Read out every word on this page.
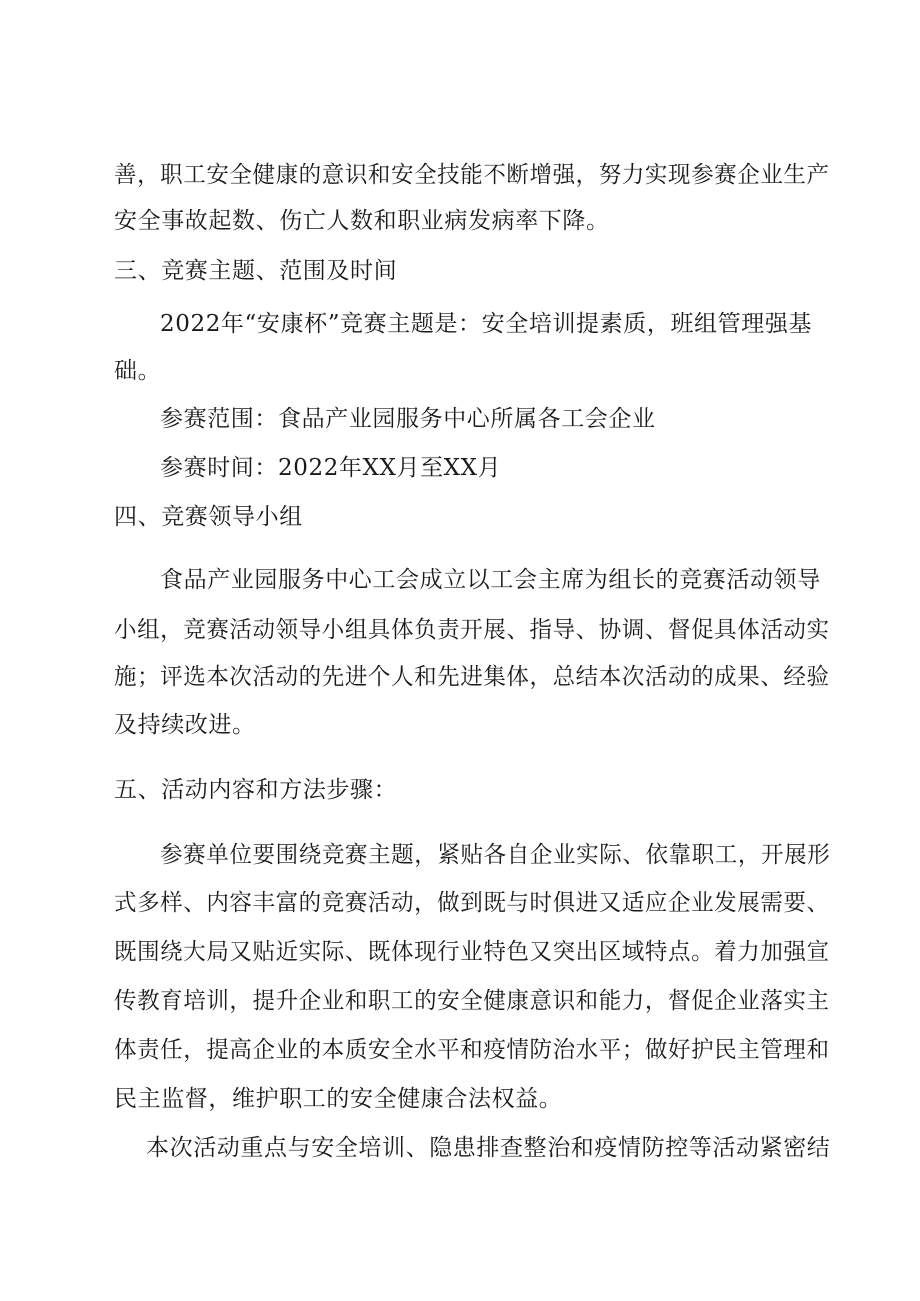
善，职工安全健康的意识和安全技能不断增强，努力实现参赛企业生产
安全事故起数、伤亡人数和职业病发病率下降。
三、竞赛主题、范围及时间
2022年“安康杯”竞赛主题是：安全培训提素质，班组管理强基
础。
参赛范围：食品产业园服务中心所属各工会企业
参赛时间：2022年XX月至XX月
四、竞赛领导小组
食品产业园服务中心工会成立以工会主席为组长的竞赛活动领导
小组，竞赛活动领导小组具体负责开展、指导、协调、督促具体活动实
施；评选本次活动的先进个人和先进集体，总结本次活动的成果、经验
及持续改进。
五、活动内容和方法步骤：
参赛单位要围绕竞赛主题，紧贴各自企业实际、依靠职工，开展形
式多样、内容丰富的竞赛活动，做到既与时俱进又适应企业发展需要、
既围绕大局又贴近实际、既体现行业特色又突出区域特点。着力加强宣
传教育培训，提升企业和职工的安全健康意识和能力，督促企业落实主
体责任，提高企业的本质安全水平和疫情防治水平；做好护民主管理和
民主监督，维护职工的安全健康合法权益。
本次活动重点与安全培训、隐患排查整治和疫情防控等活动紧密结
